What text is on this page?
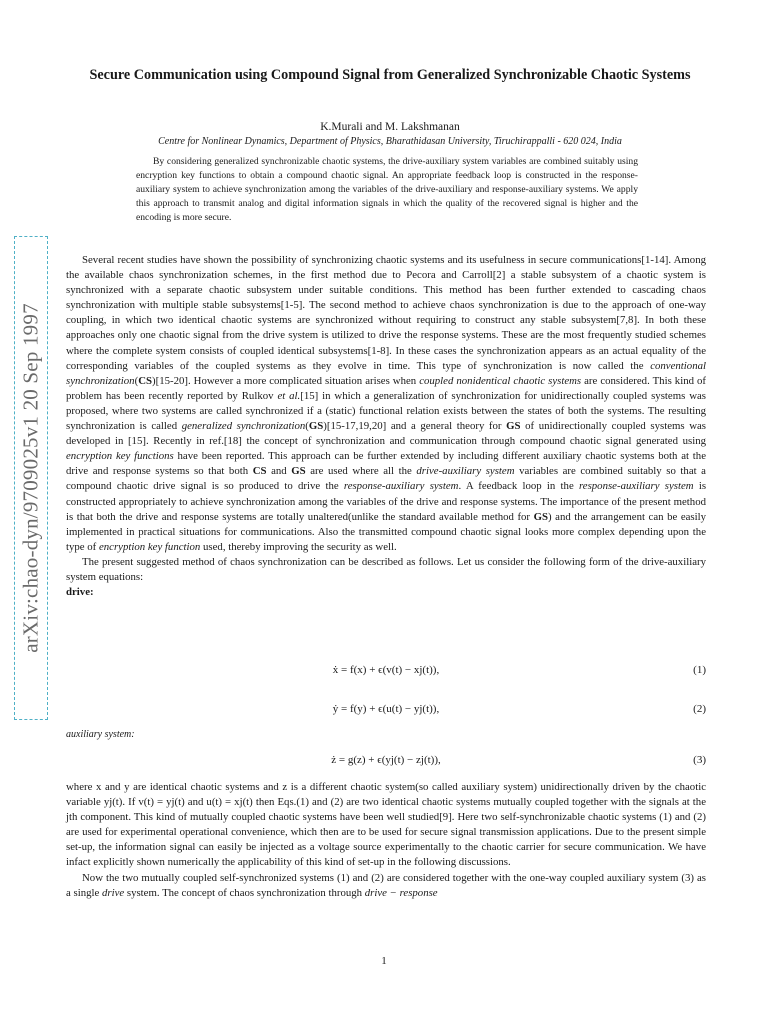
arXiv:chao-dyn/9709025v1 20 Sep 1997
Secure Communication using Compound Signal from Generalized Synchronizable Chaotic Systems
K.Murali and M. Lakshmanan
Centre for Nonlinear Dynamics, Department of Physics, Bharathidasan University, Tiruchirappalli - 620 024, India

By considering generalized synchronizable chaotic systems, the drive-auxiliary system variables are combined suitably using encryption key functions to obtain a compound chaotic signal. An appropriate feedback loop is constructed in the response-auxiliary system to achieve synchronization among the variables of the drive-auxiliary and response-auxiliary systems. We apply this approach to transmit analog and digital information signals in which the quality of the recovered signal is higher and the encoding is more secure.

Several recent studies have shown the possibility of synchronizing chaotic systems and its usefulness in secure communications[1-14]. Among the available chaos synchronization schemes, in the first method due to Pecora and Carroll[2] a stable subsystem of a chaotic system is synchronized with a separate chaotic subsystem under suitable conditions. This method has been further extended to cascading chaos synchronization with multiple stable subsystems[1-5]. The second method to achieve chaos synchronization is due to the approach of one-way coupling, in which two identical chaotic systems are synchronized without requiring to construct any stable subsystem[7,8]. In both these approaches only one chaotic signal from the drive system is utilized to drive the response systems. These are the most frequently studied schemes where the complete system consists of coupled identical subsystems[1-8]. In these cases the synchronization appears as an actual equality of the corresponding variables of the coupled systems as they evolve in time. This type of synchronization is now called the conventional synchronization(CS)[15-20]. However a more complicated situation arises when coupled nonidentical chaotic systems are considered. This kind of problem has been recently reported by Rulkov et al.[15] in which a generalization of synchronization for unidirectionally coupled systems was proposed, where two systems are called synchronized if a (static) functional relation exists between the states of both the systems. The resulting synchronization is called generalized synchronization(GS)[15-17,19,20] and a general theory for GS of unidirectionally coupled systems was developed in [15]. Recently in ref.[18] the concept of synchronization and communication through compound chaotic signal generated using encryption key functions have been reported. This approach can be further extended by including different auxiliary chaotic systems both at the drive and response systems so that both CS and GS are used where all the drive-auxiliary system variables are combined suitably so that a compound chaotic drive signal is so produced to drive the response-auxiliary system. A feedback loop in the response-auxiliary system is constructed appropriately to achieve synchronization among the variables of the drive and response systems. The importance of the present method is that both the drive and response systems are totally unaltered(unlike the standard available method for GS) and the arrangement can be easily implemented in practical situations for communications. Also the transmitted compound chaotic signal looks more complex depending upon the type of encryption key function used, thereby improving the security as well.

The present suggested method of chaos synchronization can be described as follows. Let us consider the following form of the drive-auxiliary system equations:

drive:

ẋ = f(x) + ϵ(v(t) − xj(t)),	(1)
ẏ = f(y) + ϵ(u(t) − yj(t)),	(2)
auxiliary system:
ż = g(z) + ϵ(yj(t) − zj(t)),	(3)

where x and y are identical chaotic systems and z is a different chaotic system(so called auxiliary system) unidirectionally driven by the chaotic variable yj(t). If v(t) = yj(t) and u(t) = xj(t) then Eqs.(1) and (2) are two identical chaotic systems mutually coupled together with the signals at the jth component. This kind of mutually coupled chaotic systems have been well studied[9]. Here two self-synchronizable chaotic systems (1) and (2) are used for experimental operational convenience, which then are to be used for secure signal transmission applications. Due to the present simple set-up, the information signal can easily be injected as a voltage source experimentally to the chaotic carrier for secure communication. We have infact explicitly shown numerically the applicability of this kind of set-up in the following discussions.

Now the two mutually coupled self-synchronized systems (1) and (2) are considered together with the one-way coupled auxiliary system (3) as a single drive system. The concept of chaos synchronization through drive − response

1
